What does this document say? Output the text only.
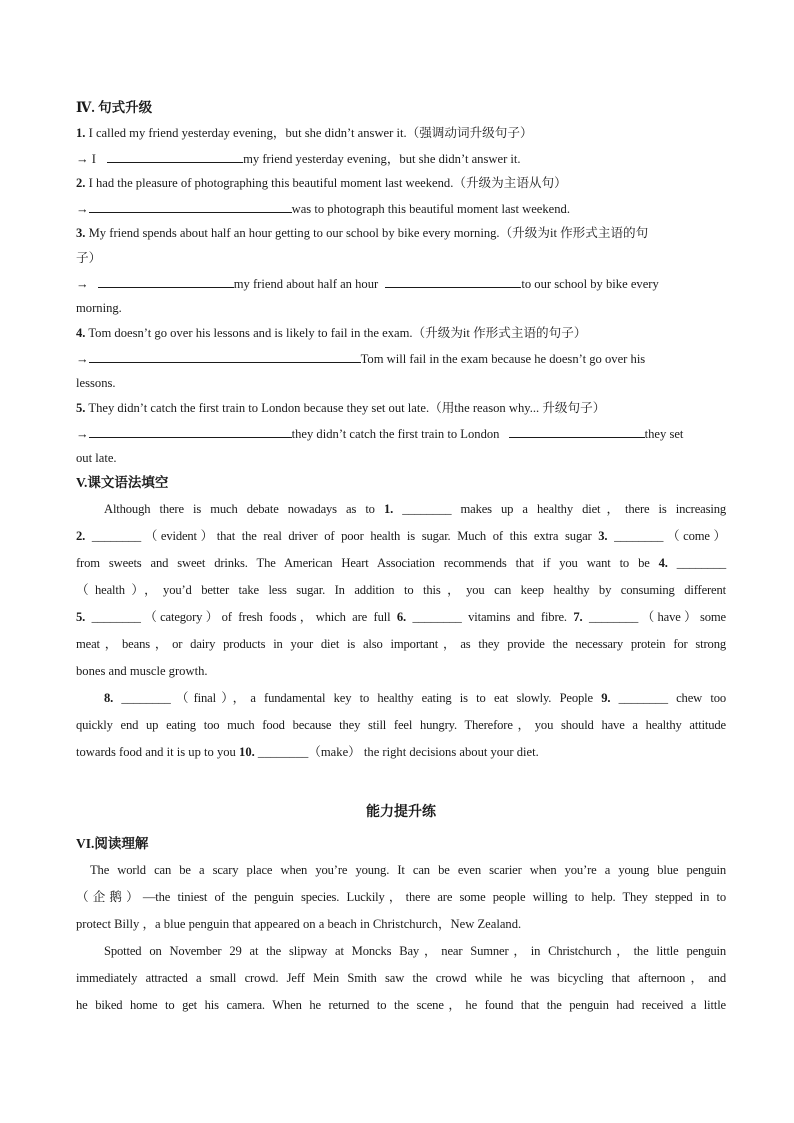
Ⅳ. 句式升级
1. I called my friend yesterday evening，but she didn’t answer it.（强调动词升级句子）
→ I	my friend yesterday evening，but she didn’t answer it.
2. I had the pleasure of photographing this beautiful moment last weekend.（升级为主语从句）
→	was to photograph this beautiful moment last weekend.
3. My friend spends about half an hour getting to our school by bike every morning.（升级为it 作形式主语的句
子）
→	my friend about half an hour	to our school by bike every
morning.
4. Tom doesn’t go over his lessons and is likely to fail in the exam.（升级为it 作形式主语的句子）
→	Tom will fail in the exam because he doesn’t go over his
lessons.
5. They didn’t catch the first train to London because they set out late.（用the reason why... 升级句子）
→	they didn’t catch the first train to London	they set
out late.
V.课文语法填空
Although there is much debate nowadays as to 1. ________ makes up a healthy diet，there is increasing
2. ________（evident）that the real driver of poor health is sugar. Much of this extra sugar 3. ________（come）
from sweets and sweet drinks. The American Heart Association recommends that if you want to be 4. ________
（health），you’d better take less sugar. In addition to this，you can keep healthy by consuming different
5. ________（category）of fresh foods，which are full 6. ________ vitamins and fibre. 7. ________（have）some
meat，beans，or dairy products in your diet is also important，as they provide the necessary protein for strong
bones and muscle growth.
8. ________（final），a fundamental key to healthy eating is to eat slowly. People 9. ________ chew too
quickly end up eating too much food because they still feel hungry. Therefore，you should have a healthy attitude
towards food and it is up to you 10. ________（make） the right decisions about your diet.
能力提升练
VI.阅读理解
The world can be a scary place when you’re young. It can be even scarier when you’re a young blue penguin
（企鹅）—the tiniest of the penguin species. Luckily，there are some people willing to help. They stepped in to
protect Billy ，a blue penguin that appeared on a beach in Christchurch，New Zealand.
Spotted on November 29 at the slipway at Moncks Bay，near Sumner，in Christchurch，the little penguin
immediately attracted a small crowd. Jeff Mein Smith saw the crowd while he was bicycling that afternoon，and
he biked home to get his camera. When he returned to the scene，he found that the penguin had received a little
